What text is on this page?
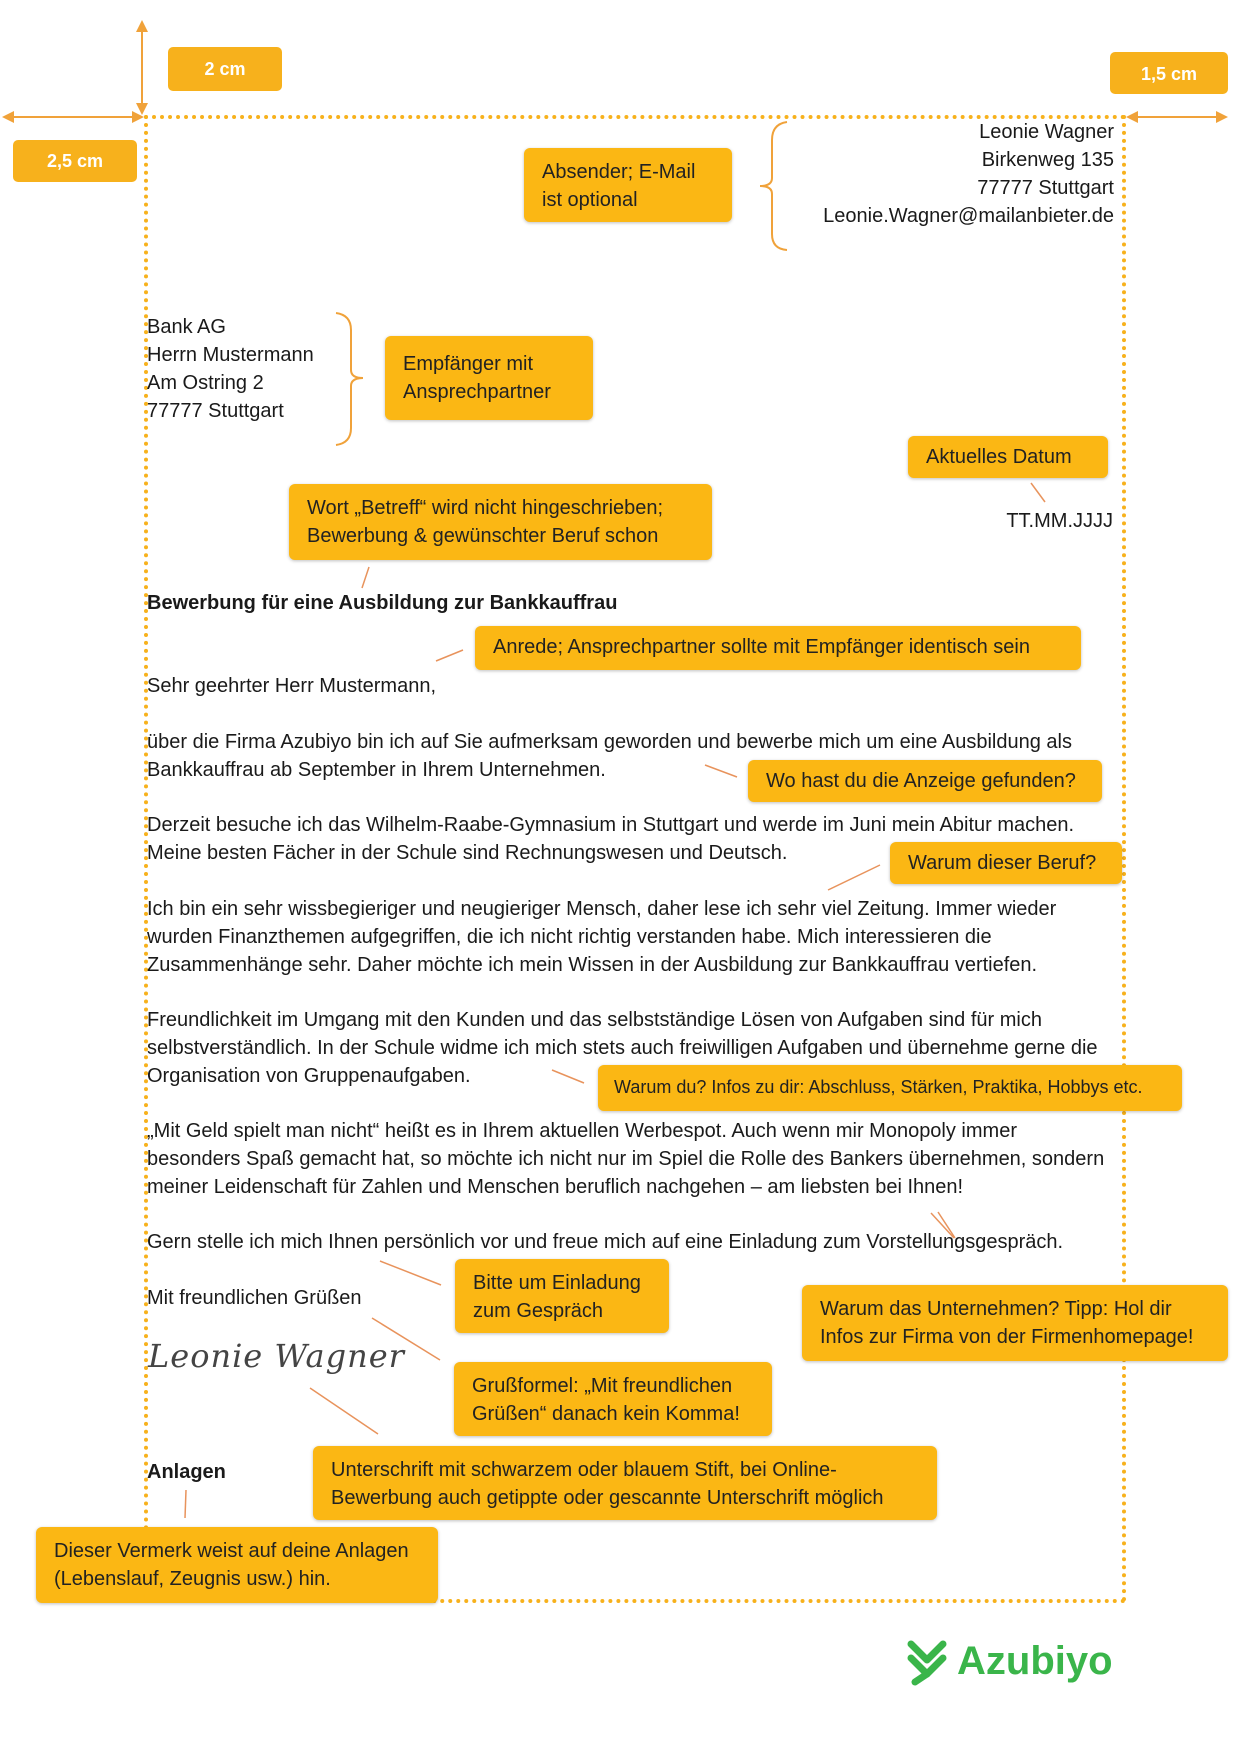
2 cm	1,5 cm
2,5 cm
Leonie Wagner
Birkenweg 135
77777 Stuttgart
Leonie.Wagner@mailanbieter.de
Absender; E-Mail ist optional
Bank AG
Herrn Mustermann
Am Ostring 2
77777 Stuttgart
Empfänger mit Ansprechpartner
Aktuelles Datum
TT.MM.JJJJ
Wort „Betreff“ wird nicht hingeschrieben; Bewerbung & gewünschter Beruf schon
Bewerbung für eine Ausbildung zur Bankkauffrau
Anrede; Ansprechpartner sollte mit Empfänger identisch sein
Sehr geehrter Herr Mustermann,
über die Firma Azubiyo bin ich auf Sie aufmerksam geworden und bewerbe mich um eine Ausbildung als Bankkauffrau ab September in Ihrem Unternehmen.	Wo hast du die Anzeige gefunden?
Derzeit besuche ich das Wilhelm-Raabe-Gymnasium in Stuttgart und werde im Juni mein Abitur machen. Meine besten Fächer in der Schule sind Rechnungswesen und Deutsch.	Warum dieser Beruf?
Ich bin ein sehr wissbegieriger und neugieriger Mensch, daher lese ich sehr viel Zeitung. Immer wieder wurden Finanzthemen aufgegriffen, die ich nicht richtig verstanden habe. Mich interessieren die Zusammenhänge sehr. Daher möchte ich mein Wissen in der Ausbildung zur Bankkauffrau vertiefen.
Freundlichkeit im Umgang mit den Kunden und das selbstständige Lösen von Aufgaben sind für mich selbstverständlich. In der Schule widme ich mich stets auch freiwilligen Aufgaben und übernehme gerne die Organisation von Gruppenaufgaben.	Warum du? Infos zu dir: Abschluss, Stärken, Praktika, Hobbys etc.
„Mit Geld spielt man nicht“ heißt es in Ihrem aktuellen Werbespot. Auch wenn mir Monopoly immer besonders Spaß gemacht hat, so möchte ich nicht nur im Spiel die Rolle des Bankers übernehmen, sondern meiner Leidenschaft für Zahlen und Menschen beruflich nachgehen – am liebsten bei Ihnen!
Gern stelle ich mich Ihnen persönlich vor und freue mich auf eine Einladung zum Vorstellungsgespräch.
Mit freundlichen Grüßen
Bitte um Einladung zum Gespräch	Warum das Unternehmen? Tipp: Hol dir Infos zur Firma von der Firmenhomepage!
Leonie Wagner
Grußformel: „Mit freundlichen Grüßen“ danach kein Komma!
Anlagen	Unterschrift mit schwarzem oder blauem Stift, bei Online-Bewerbung auch getippte oder gescannte Unterschrift möglich
Dieser Vermerk weist auf deine Anlagen (Lebenslauf, Zeugnis usw.) hin.
Azubiyo
